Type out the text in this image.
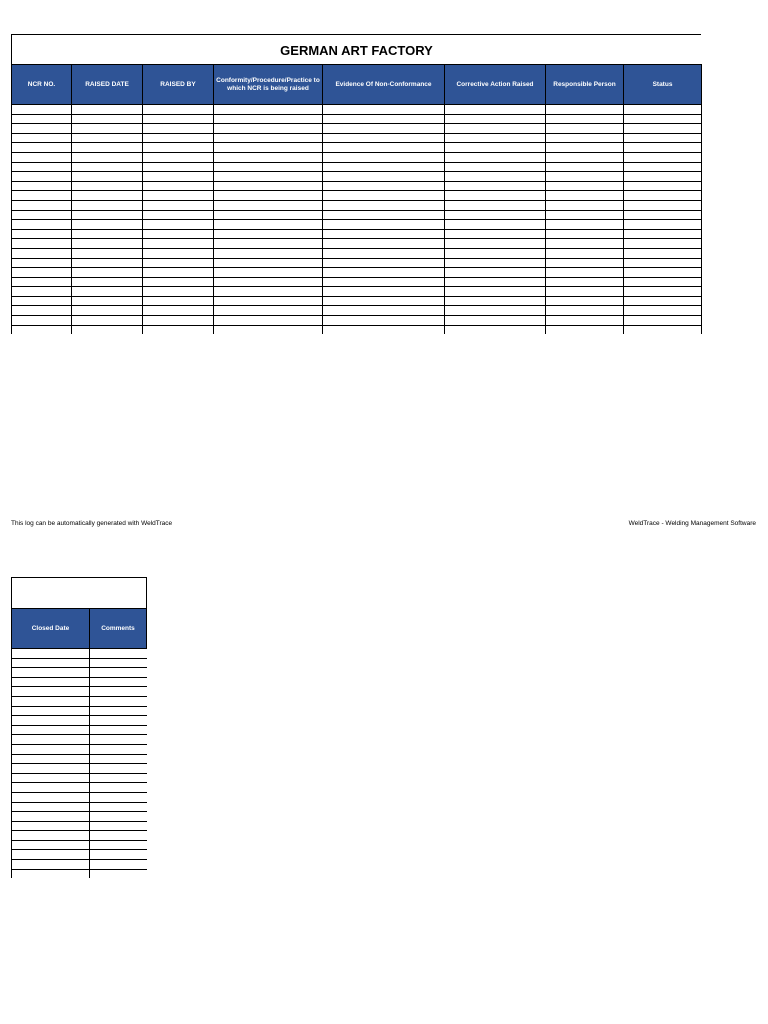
GERMAN ART FACTORY
NCR NO.	RAISED DATE	RAISED BY	Conformity/Procedure/Practice to which NCR is being raised	Evidence Of Non-Conformance	Corrective Action Raised	Responsible Person	Status

This log can be automatically generated with WeldTrace	WeldTrace - Welding Management Software
Closed Date	Comments
